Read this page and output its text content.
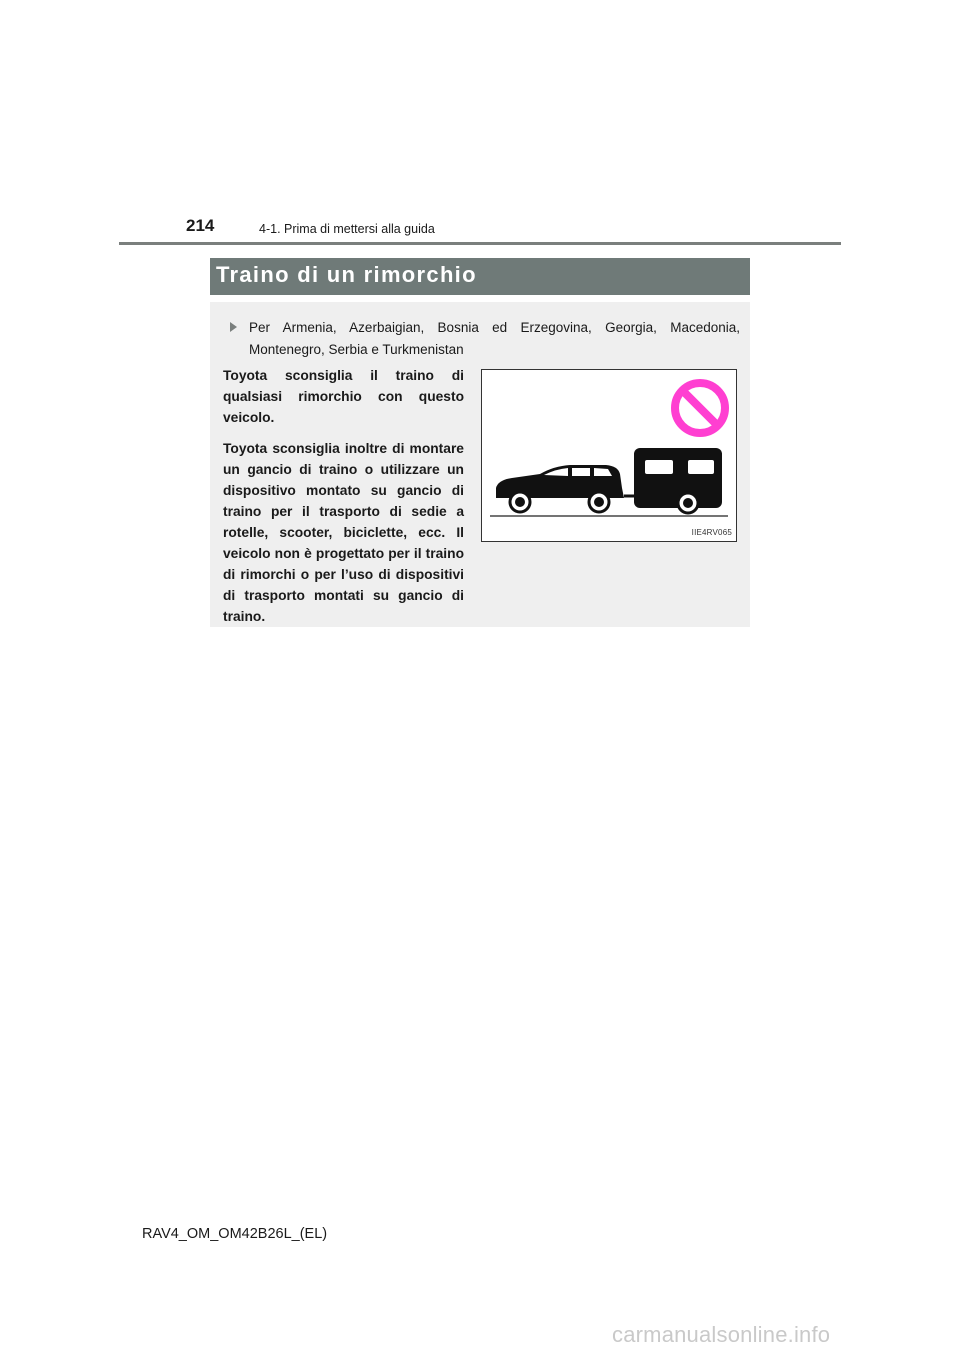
214	4-1. Prima di mettersi alla guida
Traino di un rimorchio
Per Armenia, Azerbaigian, Bosnia ed Erzegovina, Georgia, Macedonia, Montenegro, Serbia e Turkmenistan

Toyota sconsiglia il traino di qualsiasi rimorchio con questo veicolo.

Toyota sconsiglia inoltre di montare un gancio di traino o utilizzare un dispositivo montato su gancio di traino per il trasporto di sedie a rotelle, scooter, biciclette, ecc. Il veicolo non è progettato per il traino di rimorchi o per l’uso di dispositivi di trasporto montati su gancio di traino.

IIE4RV065
RAV4_OM_OM42B26L_(EL)
carmanualsonline.info
